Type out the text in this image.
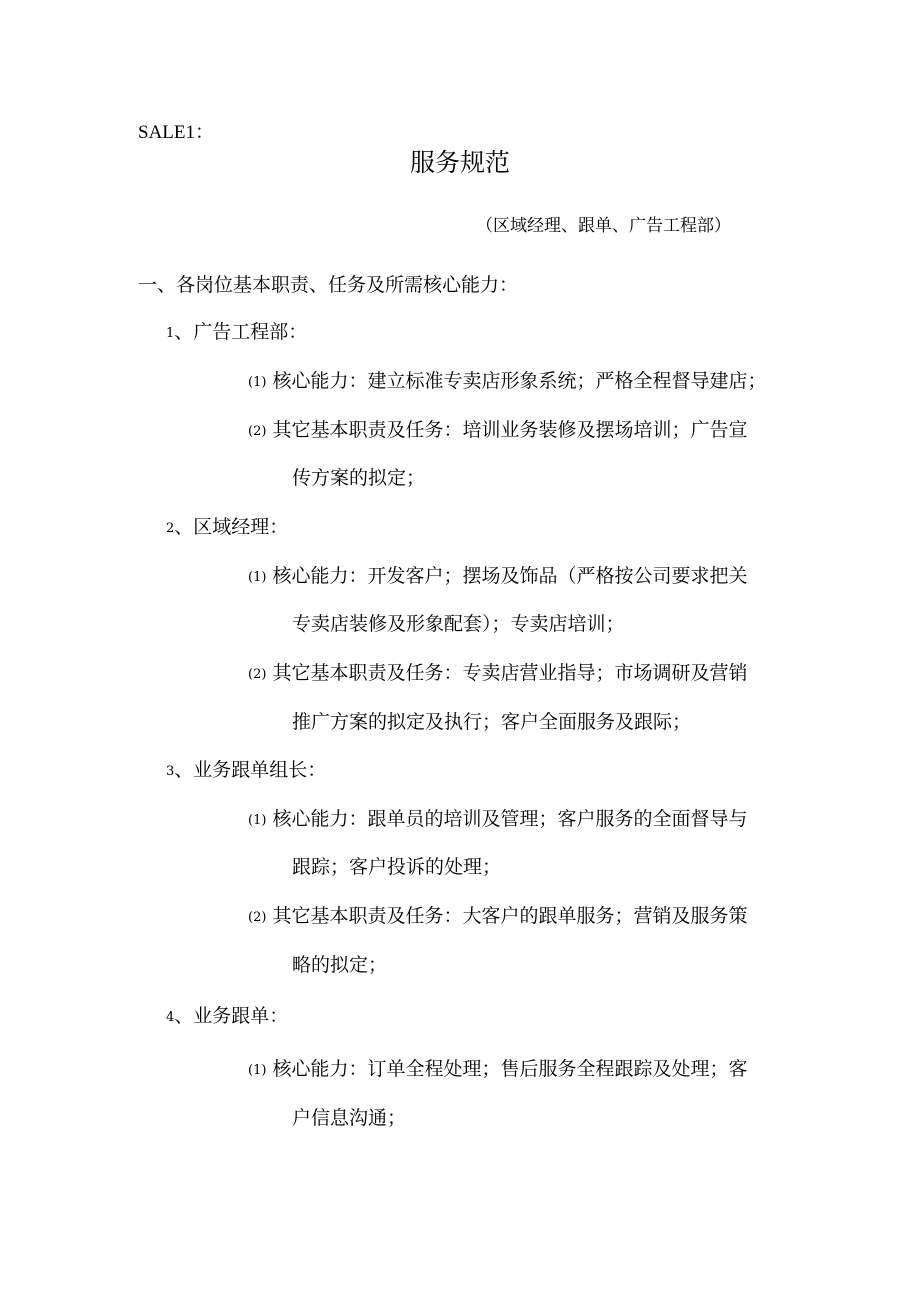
SALE1：
服务规范
（区域经理、跟单、广告工程部）
一、各岗位基本职责、任务及所需核心能力：
1、广告工程部：
(1) 核心能力：建立标准专卖店形象系统；严格全程督导建店；
(2) 其它基本职责及任务：培训业务装修及摆场培训；广告宣
传方案的拟定；
2、区域经理：
(1) 核心能力：开发客户；摆场及饰品（严格按公司要求把关
专卖店装修及形象配套）；专卖店培训；
(2) 其它基本职责及任务：专卖店营业指导；市场调研及营销
推广方案的拟定及执行；客户全面服务及跟际；
3、业务跟单组长：
(1) 核心能力：跟单员的培训及管理；客户服务的全面督导与
跟踪；客户投诉的处理；
(2) 其它基本职责及任务：大客户的跟单服务；营销及服务策
略的拟定；
4、业务跟单：
(1) 核心能力：订单全程处理；售后服务全程跟踪及处理；客
户信息沟通；
